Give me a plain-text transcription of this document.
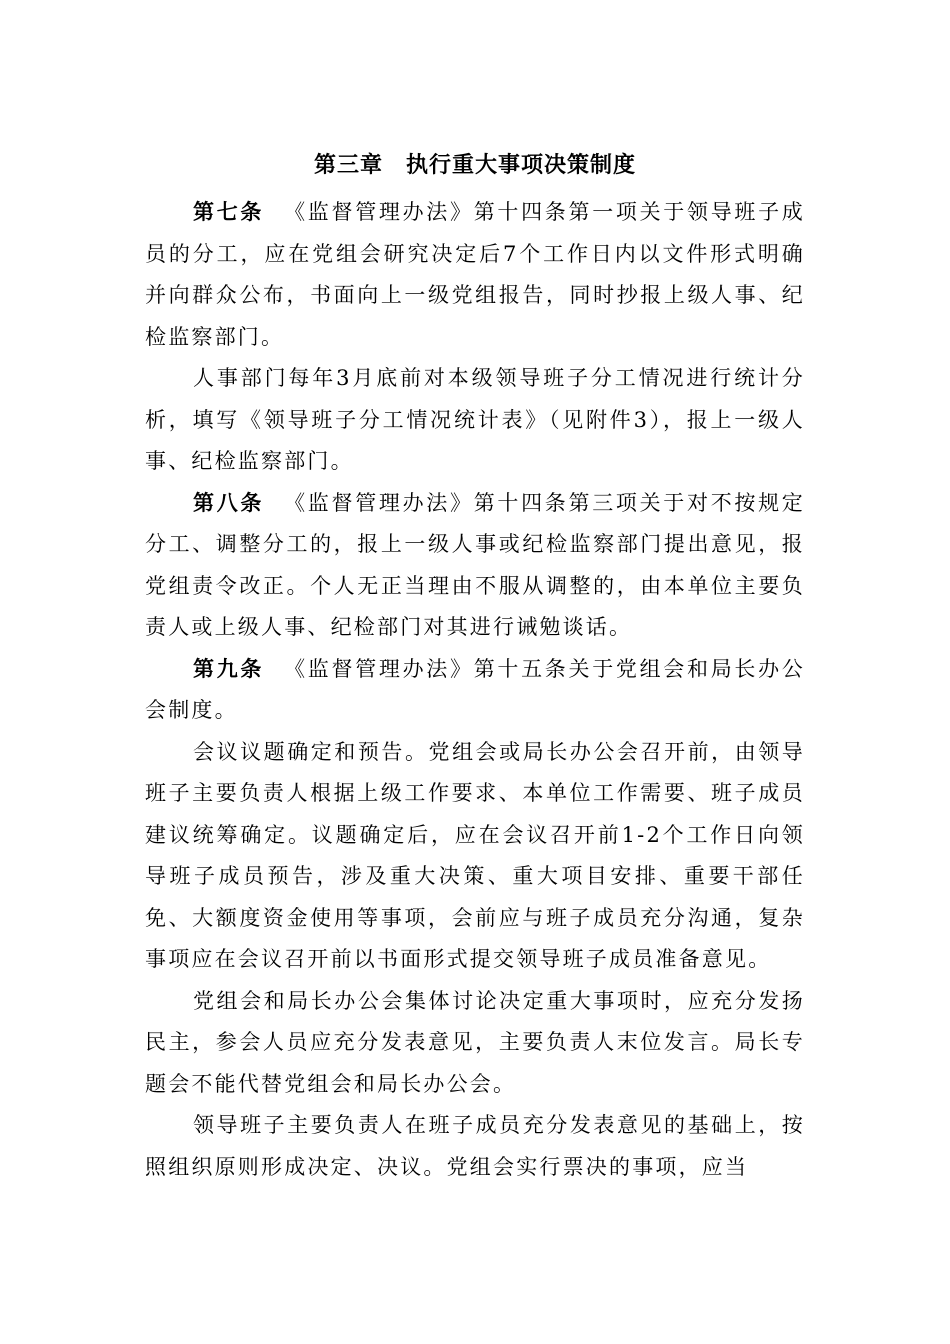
第三章　执行重大事项决策制度

第七条 《监督管理办法》第十四条第一项关于领导班子成员的分工，应在党组会研究决定后7个工作日内以文件形式明确并向群众公布，书面向上一级党组报告，同时抄报上级人事、纪检监察部门。

人事部门每年3月底前对本级领导班子分工情况进行统计分析，填写《领导班子分工情况统计表》（见附件3），报上一级人事、纪检监察部门。

第八条 《监督管理办法》第十四条第三项关于对不按规定分工、调整分工的，报上一级人事或纪检监察部门提出意见，报党组责令改正。个人无正当理由不服从调整的，由本单位主要负责人或上级人事、纪检部门对其进行诫勉谈话。

第九条 《监督管理办法》第十五条关于党组会和局长办公会制度。

会议议题确定和预告。党组会或局长办公会召开前，由领导班子主要负责人根据上级工作要求、本单位工作需要、班子成员建议统筹确定。议题确定后，应在会议召开前1-2个工作日向领导班子成员预告，涉及重大决策、重大项目安排、重要干部任免、大额度资金使用等事项，会前应与班子成员充分沟通，复杂事项应在会议召开前以书面形式提交领导班子成员准备意见。

党组会和局长办公会集体讨论决定重大事项时，应充分发扬民主，参会人员应充分发表意见，主要负责人末位发言。局长专题会不能代替党组会和局长办公会。

领导班子主要负责人在班子成员充分发表意见的基础上，按照组织原则形成决定、决议。党组会实行票决的事项，应当
